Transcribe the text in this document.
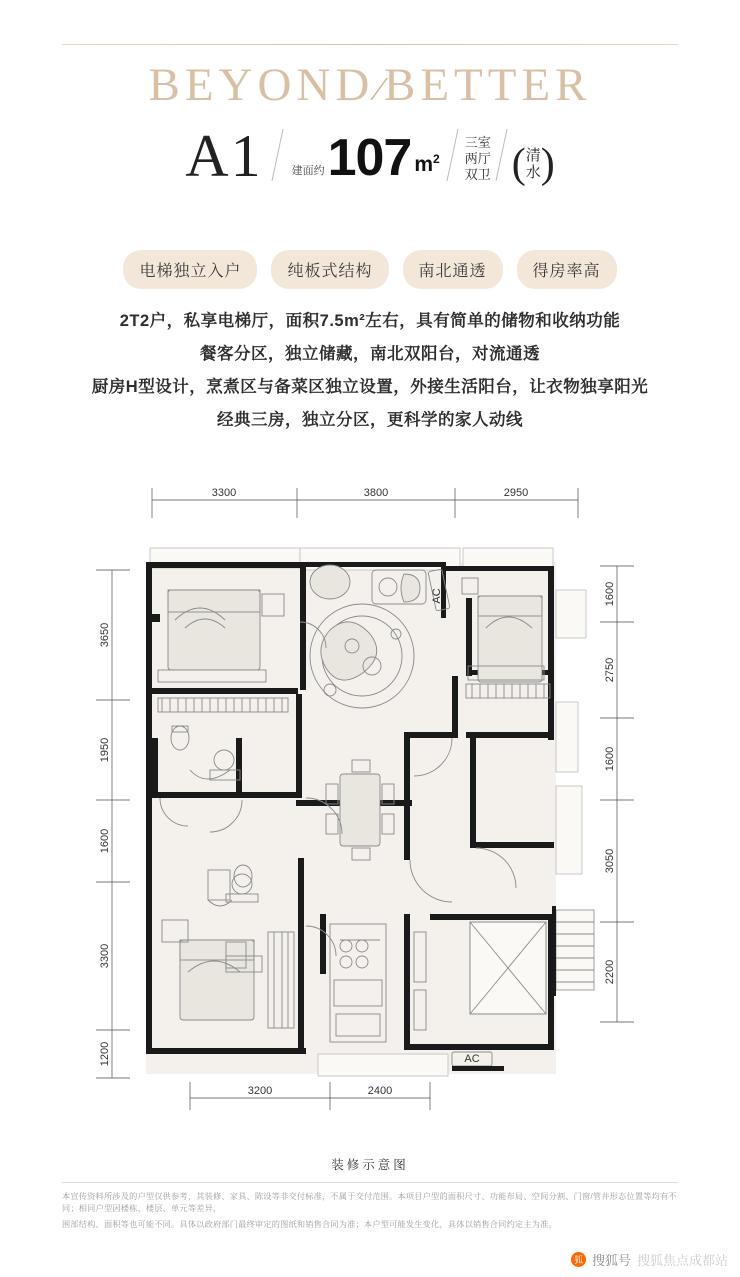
BEYOND⁄BETTER
A1	建面约 107 $m^2$
三室
两厅
双卫 ( 清
水 )
电梯独立入户	纯板式结构	南北通透	得房率高
2T2户，私享电梯厅，面积7.5m²左右，具有简单的储物和收纳功能
餐客分区，独立储藏，南北双阳台，对流通透
厨房H型设计，烹煮区与备菜区独立设置，外接生活阳台，让衣物独享阳光
经典三房，独立分区，更科学的家人动线
3300	3800	2950
3650
1950
1600
3300
1200
1600
2750
1600
3050
2200
3200	2400
AC
AC
装修示意图

本宣传资料所涉及的户型仅供参考，其装修、家具、陈设等非交付标准，不属于交付范围。本项目户型的面积尺寸、功能布局、空间分割、门窗/管井形态位置等均有不同；相同户型因楼栋、楼层、单元等差异，

围部结构、面积等也可能不同。具体以政府部门最终审定的图纸和销售合同为准；本户型可能发生变化，具体以销售合同约定主为准。

狐 搜狐号 搜狐焦点成都站
